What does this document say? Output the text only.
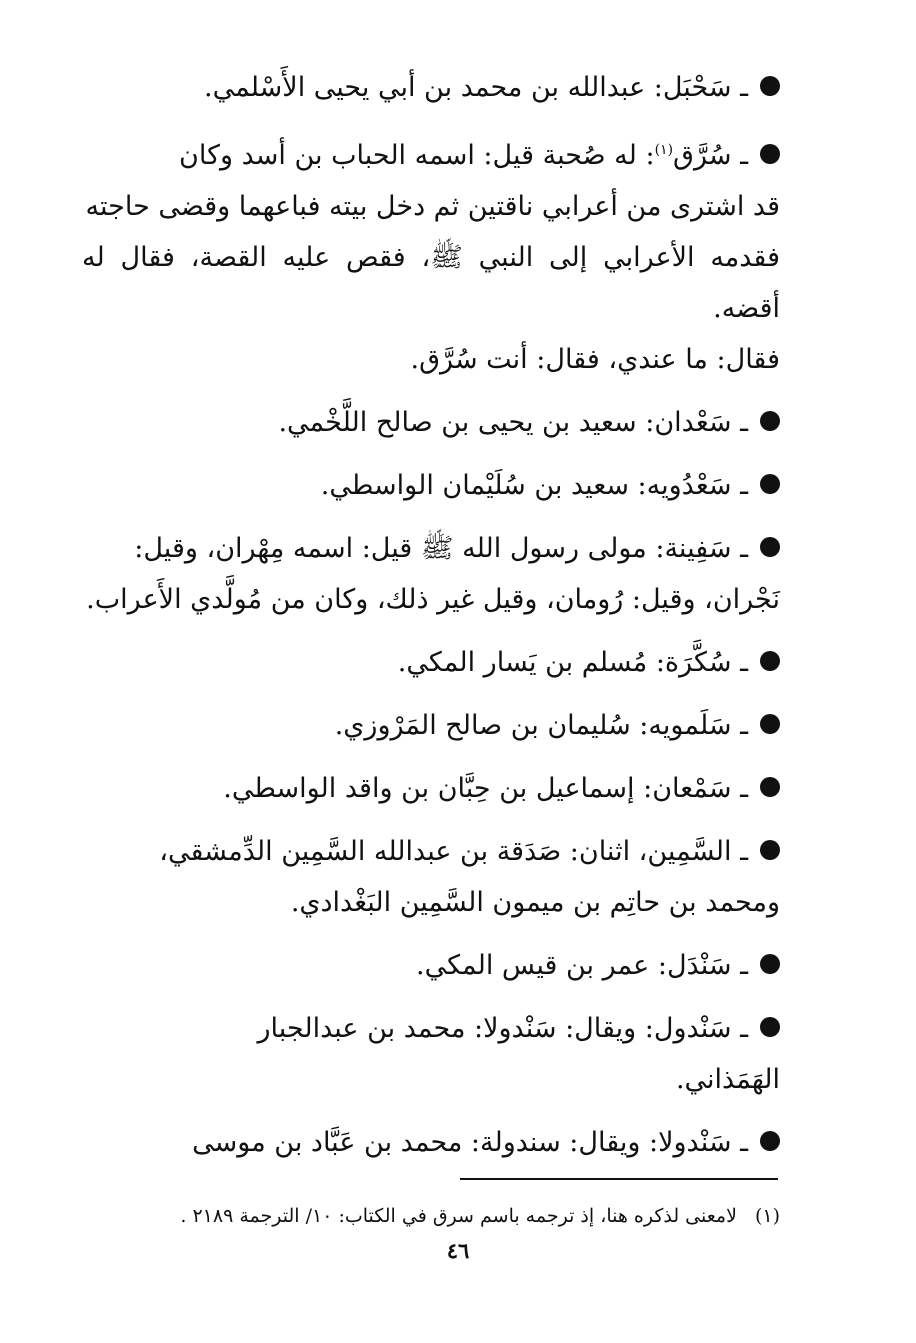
ـ سَحْبَل: عبدالله بن محمد بن أبي يحيى الأَسْلمي.

ـ سُرَّق$^{(١)}$: له صُحبة قيل: اسمه الحباب بن أسد وكان
قد اشترى من أعرابي ناقتين ثم دخل بيته فباعهما وقضى حاجته
فقدمه الأعرابي إلى النبي ﷺ، فقص عليه القصة، فقال له أقضه.
فقال: ما عندي، فقال: أنت سُرَّق.

ـ سَعْدان: سعيد بن يحيى بن صالح اللَّخْمي.

ـ سَعْدُويه: سعيد بن سُلَيْمان الواسطي.

ـ سَفِينة: مولى رسول الله ﷺ قيل: اسمه مِهْران، وقيل:
نَجْران، وقيل: رُومان، وقيل غير ذلك، وكان من مُولَّدي الأَعراب.

ـ سُكَّرَة: مُسلم بن يَسار المكي.

ـ سَلَمويه: سُليمان بن صالح المَرْوزي.

ـ سَمْعان: إسماعيل بن حِبَّان بن واقد الواسطي.

ـ السَّمِين، اثنان: صَدَقة بن عبدالله السَّمِين الدِّمشقي،
ومحمد بن حاتِم بن ميمون السَّمِين البَغْدادي.

ـ سَنْدَل: عمر بن قيس المكي.

ـ سَنْدول: ويقال: سَنْدولا: محمد بن عبدالجبار
الهَمَذاني.

ـ سَنْدولا: ويقال: سندولة: محمد بن عَبَّاد بن موسى

(١)لامعنى لذكره هنا، إذ ترجمه باسم سرق في الكتاب: ١٠/ الترجمة ٢١٨٩ .
٤٦
